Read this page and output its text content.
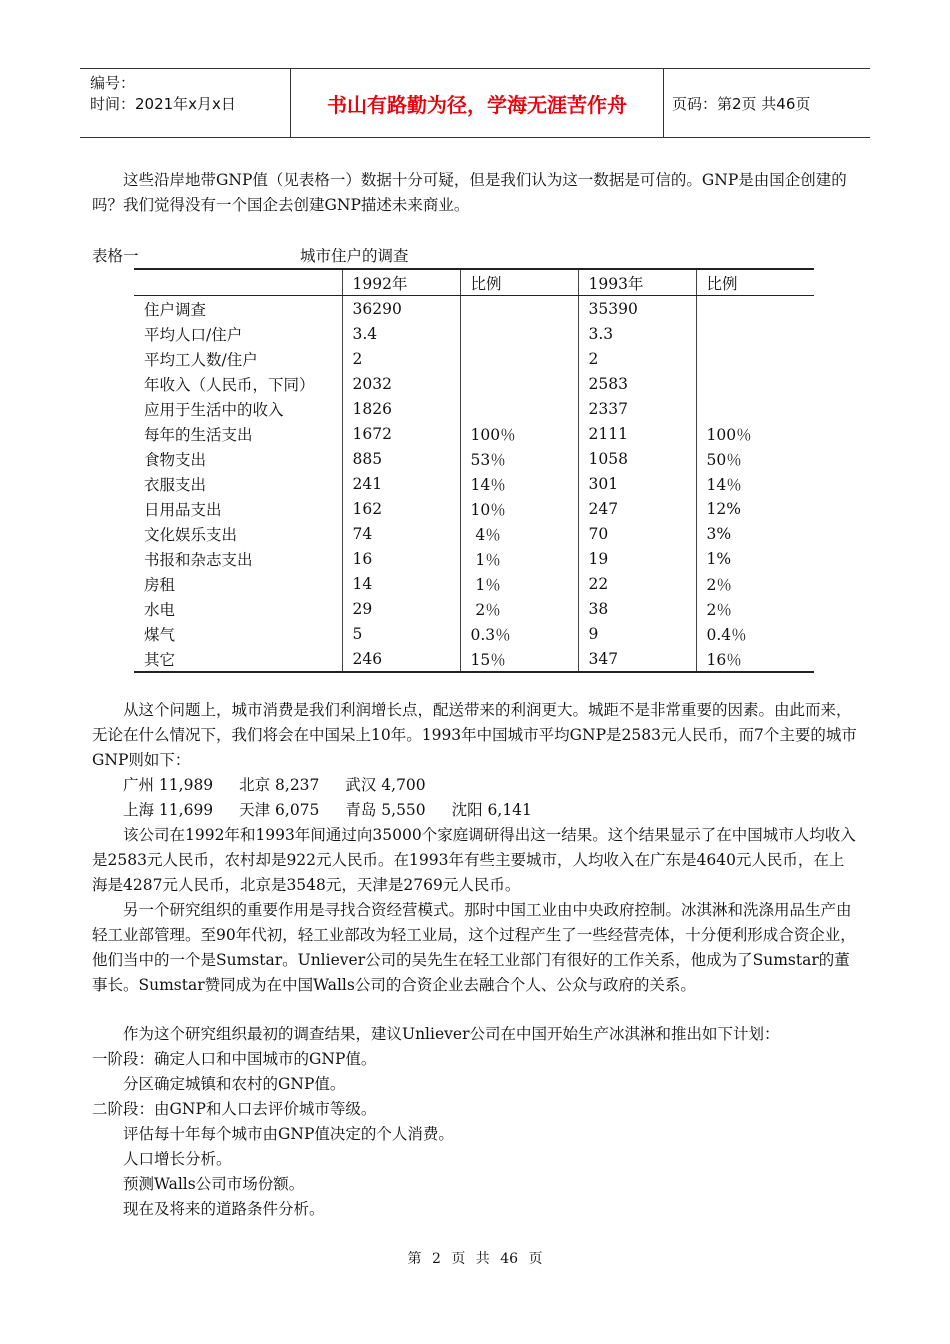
编号：
时间：2021年x月x日	书山有路勤为径，学海无涯苦作舟	页码：第2页 共46页

这些沿岸地带GNP值（见表格一）数据十分可疑，但是我们认为这一数据是可信的。GNP是由国企创建的吗？我们觉得没有一个国企去创建GNP描述未来商业。

表格一	城市住户的调查
	1992年	比例	1993年	比例
住户调查	36290		35390	
平均人口/住户	3.4		3.3	
平均工人数/住户	2		2	
年收入（人民币，下同）	2032		2583	
应用于生活中的收入	1826		2337	
每年的生活支出	1672	100％	2111	100％
食物支出	885	53％	1058	50％
衣服支出	241	14％	301	14％
日用品支出	162	10％	247	12%
文化娱乐支出	74	4％	70	3%
书报和杂志支出	16	1％	19	1%
房租	14	1％	22	2％
水电	29	2％	38	2％
煤气	5	0.3％	9	0.4％
其它	246	15％	347	16％

从这个问题上，城市消费是我们利润增长点，配送带来的利润更大。城距不是非常重要的因素。由此而来，无论在什么情况下，我们将会在中国呆上10年。1993年中国城市平均GNP是2583元人民币，而7个主要的城市GNP则如下：

广州 11,989 北京 8,237 武汉 4,700
上海 11,699 天津 6,075 青岛 5,550 沈阳 6,141

该公司在1992年和1993年间通过向35000个家庭调研得出这一结果。这个结果显示了在中国城市人均收入是2583元人民币，农村却是922元人民币。在1993年有些主要城市，人均收入在广东是4640元人民币，在上海是4287元人民币，北京是3548元，天津是2769元人民币。

另一个研究组织的重要作用是寻找合资经营模式。那时中国工业由中央政府控制。冰淇淋和洗涤用品生产由轻工业部管理。至90年代初，轻工业部改为轻工业局，这个过程产生了一些经营壳体，十分便利形成合资企业，他们当中的一个是Sumstar。Unliever公司的吴先生在轻工业部门有很好的工作关系，他成为了Sumstar的董事长。Sumstar赞同成为在中国Walls公司的合资企业去融合个人、公众与政府的关系。

作为这个研究组织最初的调查结果，建议Unliever公司在中国开始生产冰淇淋和推出如下计划：

一阶段：确定人口和中国城市的GNP值。
分区确定城镇和农村的GNP值。
二阶段：由GNP和人口去评价城市等级。
评估每十年每个城市由GNP值决定的个人消费。
人口增长分析。
预测Walls公司市场份额。
现在及将来的道路条件分析。
第 2 页 共 46 页
